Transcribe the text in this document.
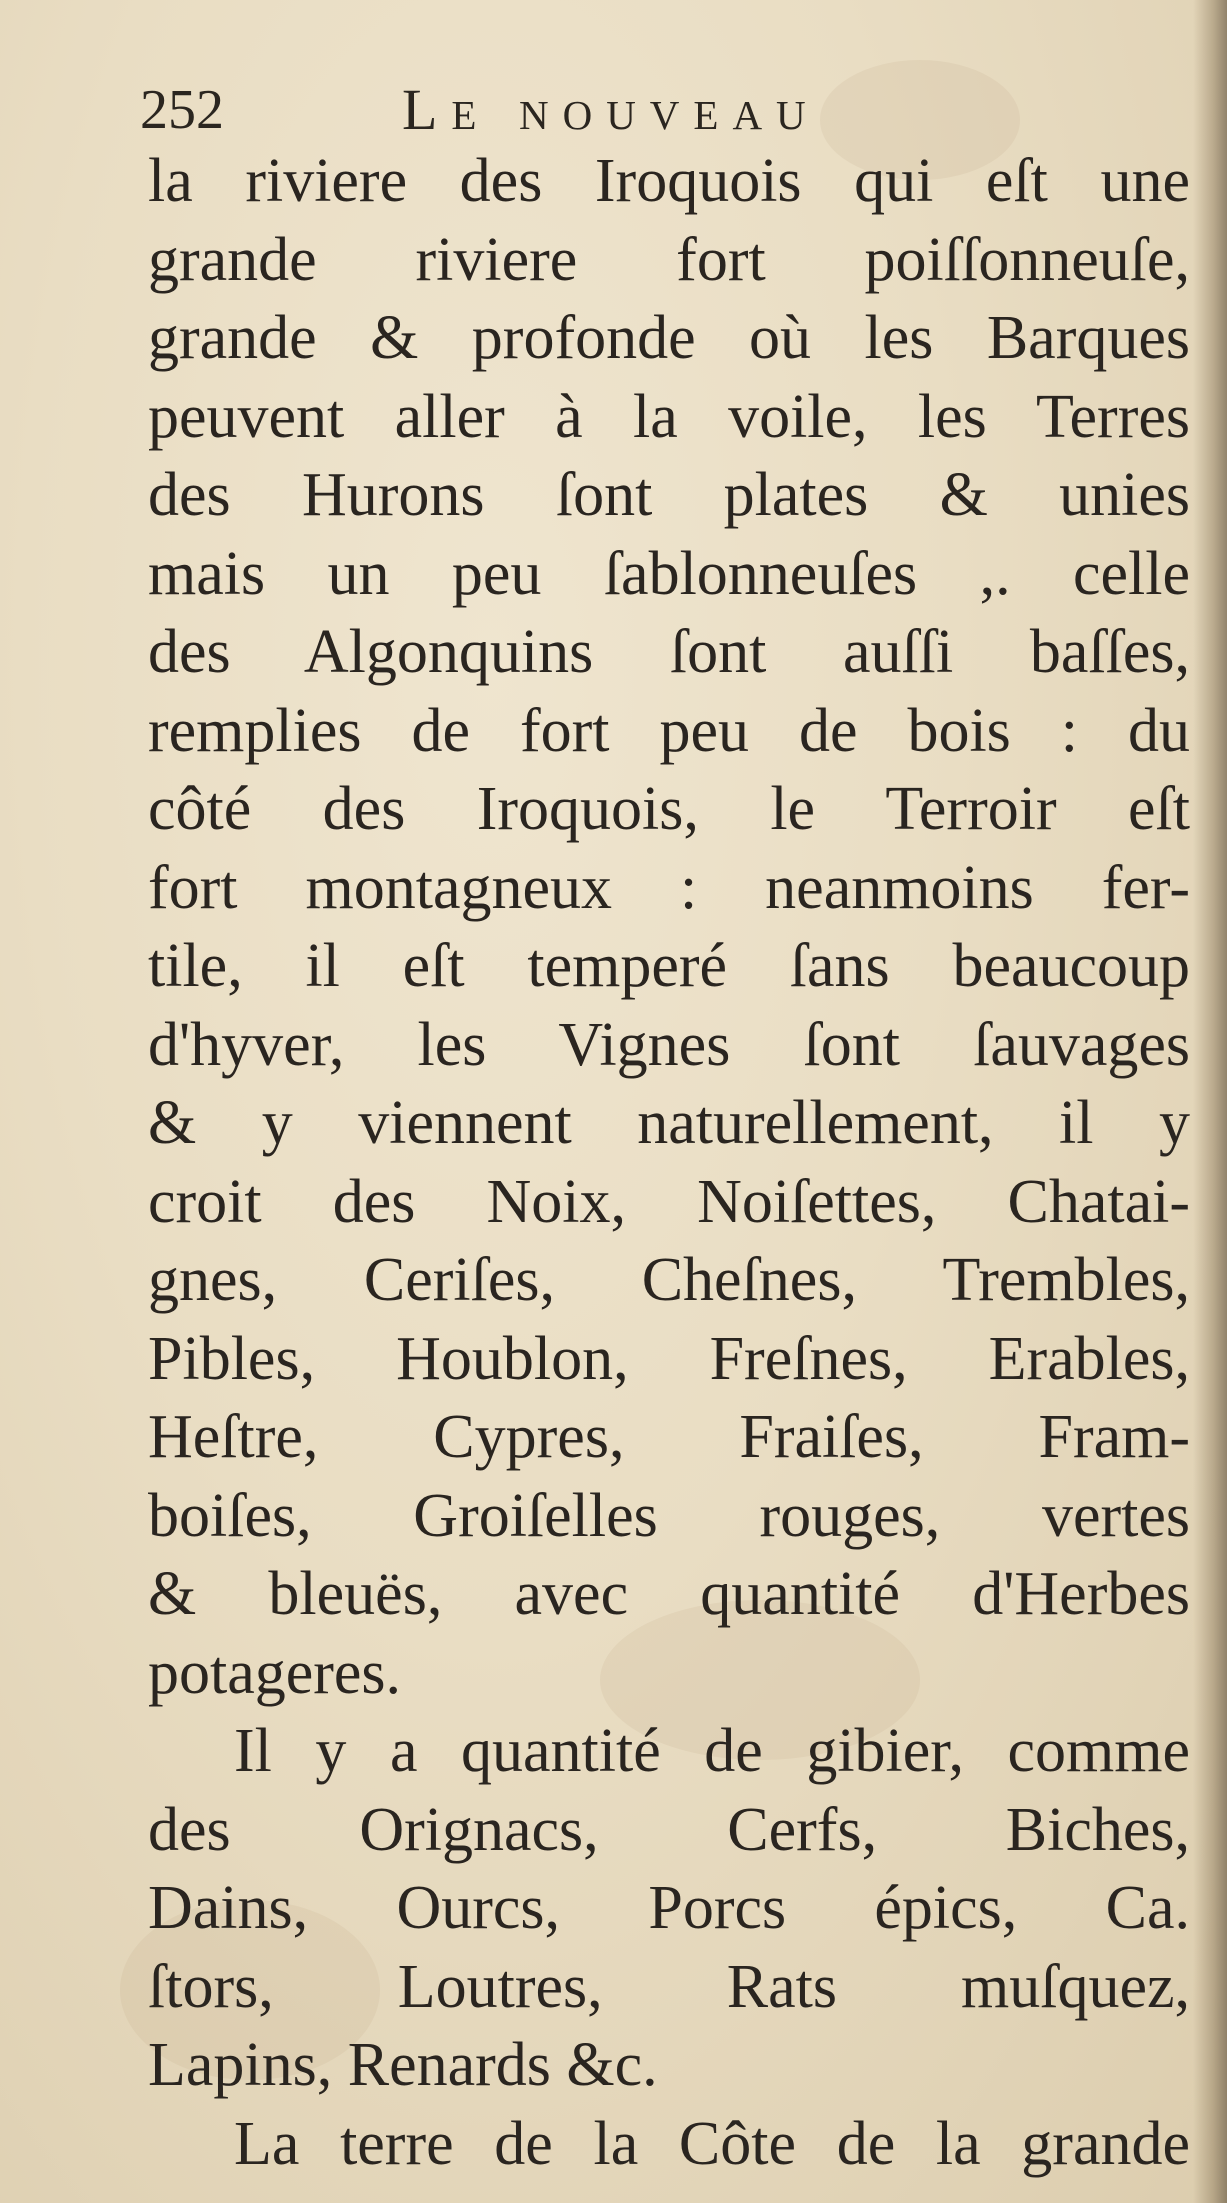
252	Le nouveau
la riviere des Iroquois qui eſt une
grande riviere fort poiſſonneuſe,
grande & profonde où les Barques
peuvent aller à la voile, les Terres
des Hurons ſont plates & unies
mais un peu ſablonneuſes ,. celle
des Algonquins ſont auſſi baſſes,
remplies de fort peu de bois : du
côté des Iroquois, le Terroir eſt
fort montagneux : neanmoins fer-
tile, il eſt temperé ſans beaucoup
d'hyver, les Vignes ſont ſauvages
& y viennent naturellement, il y
croit des Noix, Noiſettes, Chatai-
gnes, Ceriſes, Cheſnes, Trembles,
Pibles, Houblon, Freſnes, Erables,
Heſtre, Cypres, Fraiſes, Fram-
boiſes, Groiſelles rouges, vertes
& bleuës, avec quantité d'Herbes
potageres.
Il y a quantité de gibier, comme
des Orignacs, Cerfs, Biches,
Dains, Ourcs, Porcs épics, Ca.
ſtors, Loutres, Rats muſquez,
Lapins, Renards &c.
La terre de la Côte de la grande
